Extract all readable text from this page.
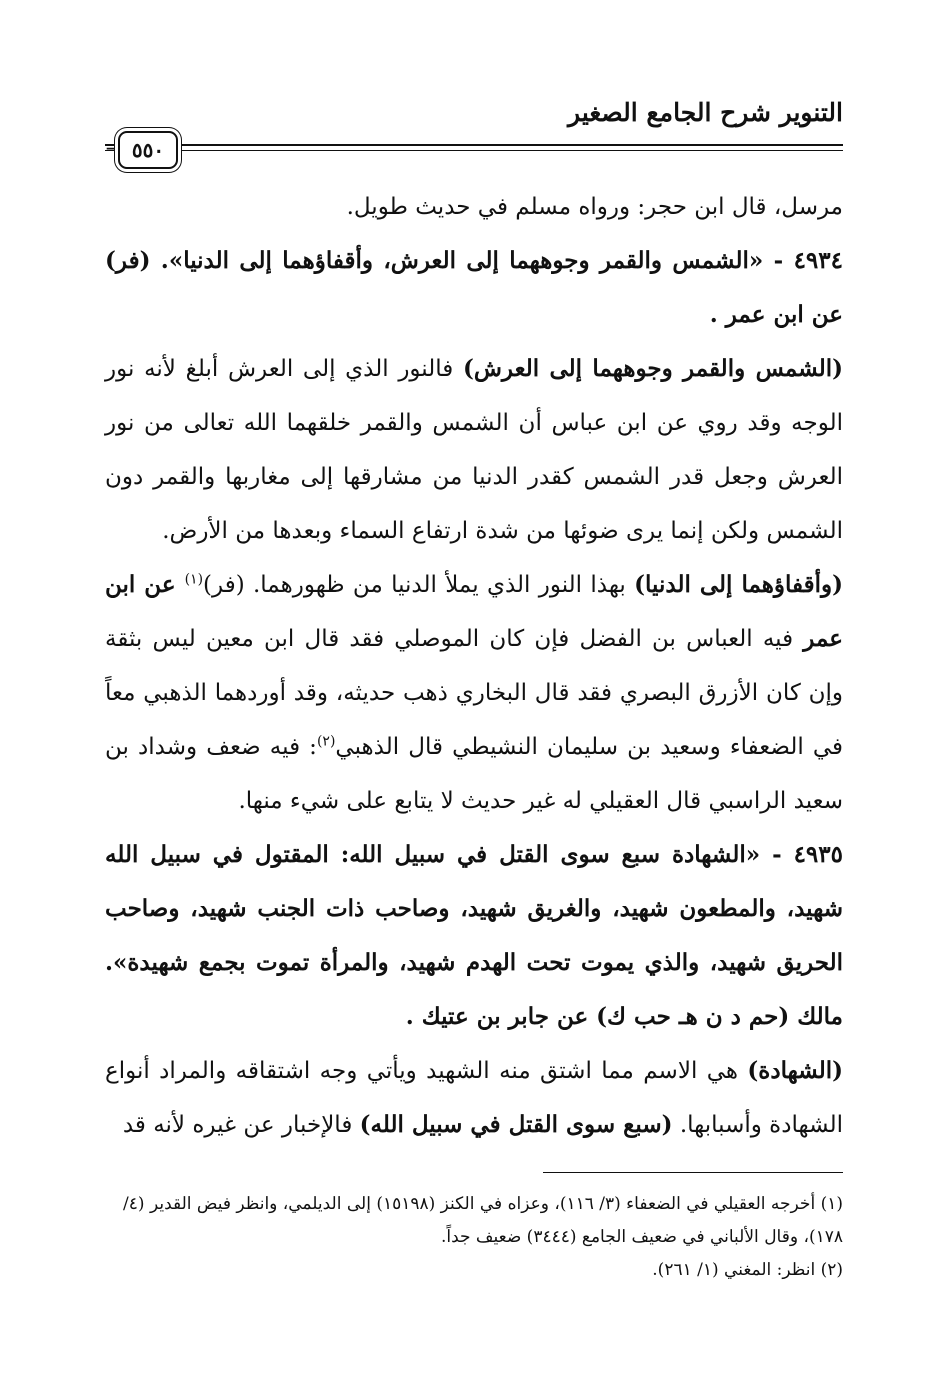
التنوير شرح الجامع الصغير
= ٥٥٠

مرسل، قال ابن حجر: ورواه مسلم في حديث طويل.

٤٩٣٤ - «الشمس والقمر وجوههما إلى العرش، وأقفاؤهما إلى الدنيا». (فر) عن ابن عمر .

(الشمس والقمر وجوههما إلى العرش) فالنور الذي إلى العرش أبلغ لأنه نور الوجه وقد روي عن ابن عباس أن الشمس والقمر خلقهما الله تعالى من نور العرش وجعل قدر الشمس كقدر الدنيا من مشارقها إلى مغاربها والقمر دون الشمس ولكن إنما يرى ضوئها من شدة ارتفاع السماء وبعدها من الأرض.

(وأقفاؤهما إلى الدنيا) بهذا النور الذي يملأ الدنيا من ظهورهما. (فر)$^{(١)}$ عن ابن عمر فيه العباس بن الفضل فإن كان الموصلي فقد قال ابن معين ليس بثقة وإن كان الأزرق البصري فقد قال البخاري ذهب حديثه، وقد أوردهما الذهبي معاً في الضعفاء وسعيد بن سليمان النشيطي قال الذهبي$^{(٢)}$: فيه ضعف وشداد بن سعيد الراسبي قال العقيلي له غير حديث لا يتابع على شيء منها.

٤٩٣٥ - «الشهادة سبع سوى القتل في سبيل الله: المقتول في سبيل الله شهيد، والمطعون شهيد، والغريق شهيد، وصاحب ذات الجنب شهيد، وصاحب الحريق شهيد، والذي يموت تحت الهدم شهيد، والمرأة تموت بجمع شهيدة». مالك (حم د ن هـ حب ك) عن جابر بن عتيك .

(الشهادة) هي الاسم مما اشتق منه الشهيد ويأتي وجه اشتقاقه والمراد أنواع الشهادة وأسبابها. (سبع سوى القتل في سبيل الله) فالإخبار عن غيره لأنه قد

(١) أخرجه العقيلي في الضعفاء (٣/ ١١٦)، وعزاه في الكنز (١٥١٩٨) إلى الديلمي، وانظر فيض القدير (٤/ ١٧٨)، وقال الألباني في ضعيف الجامع (٣٤٤٤) ضعيف جداً.

(٢) انظر: المغني (١/ ٢٦١).
